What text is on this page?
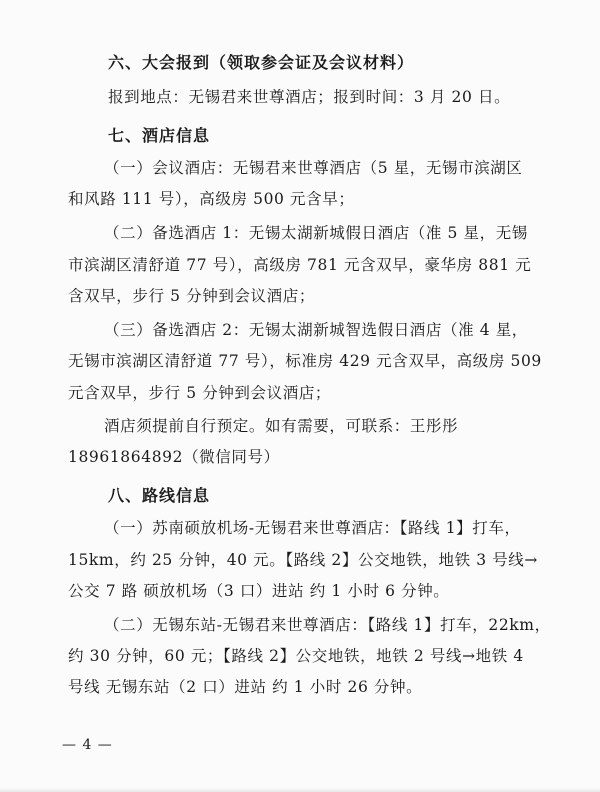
六、大会报到（领取参会证及会议材料）
报到地点：无锡君来世尊酒店；报到时间：3 月 20 日。
七、酒店信息
（一）会议酒店：无锡君来世尊酒店（5 星，无锡市滨湖区
和风路 111 号），高级房 500 元含早；
（二）备选酒店 1：无锡太湖新城假日酒店（准 5 星，无锡
市滨湖区清舒道 77 号），高级房 781 元含双早，豪华房 881 元
含双早，步行 5 分钟到会议酒店；
（三）备选酒店 2：无锡太湖新城智选假日酒店（准 4 星，
无锡市滨湖区清舒道 77 号），标准房 429 元含双早，高级房 509
元含双早，步行 5 分钟到会议酒店；
酒店须提前自行预定。如有需要，可联系：王彤彤
18961864892（微信同号）
八、路线信息
（一）苏南硕放机场-无锡君来世尊酒店：【路线 1】打车，
15km，约 25 分钟，40 元。【路线 2】公交地铁，地铁 3 号线→
公交 7 路 硕放机场（3 口）进站 约 1 小时 6 分钟。
（二）无锡东站-无锡君来世尊酒店：【路线 1】打车，22km，
约 30 分钟，60 元；【路线 2】公交地铁，地铁 2 号线→地铁 4
号线 无锡东站（2 口）进站 约 1 小时 26 分钟。
— 4 —
